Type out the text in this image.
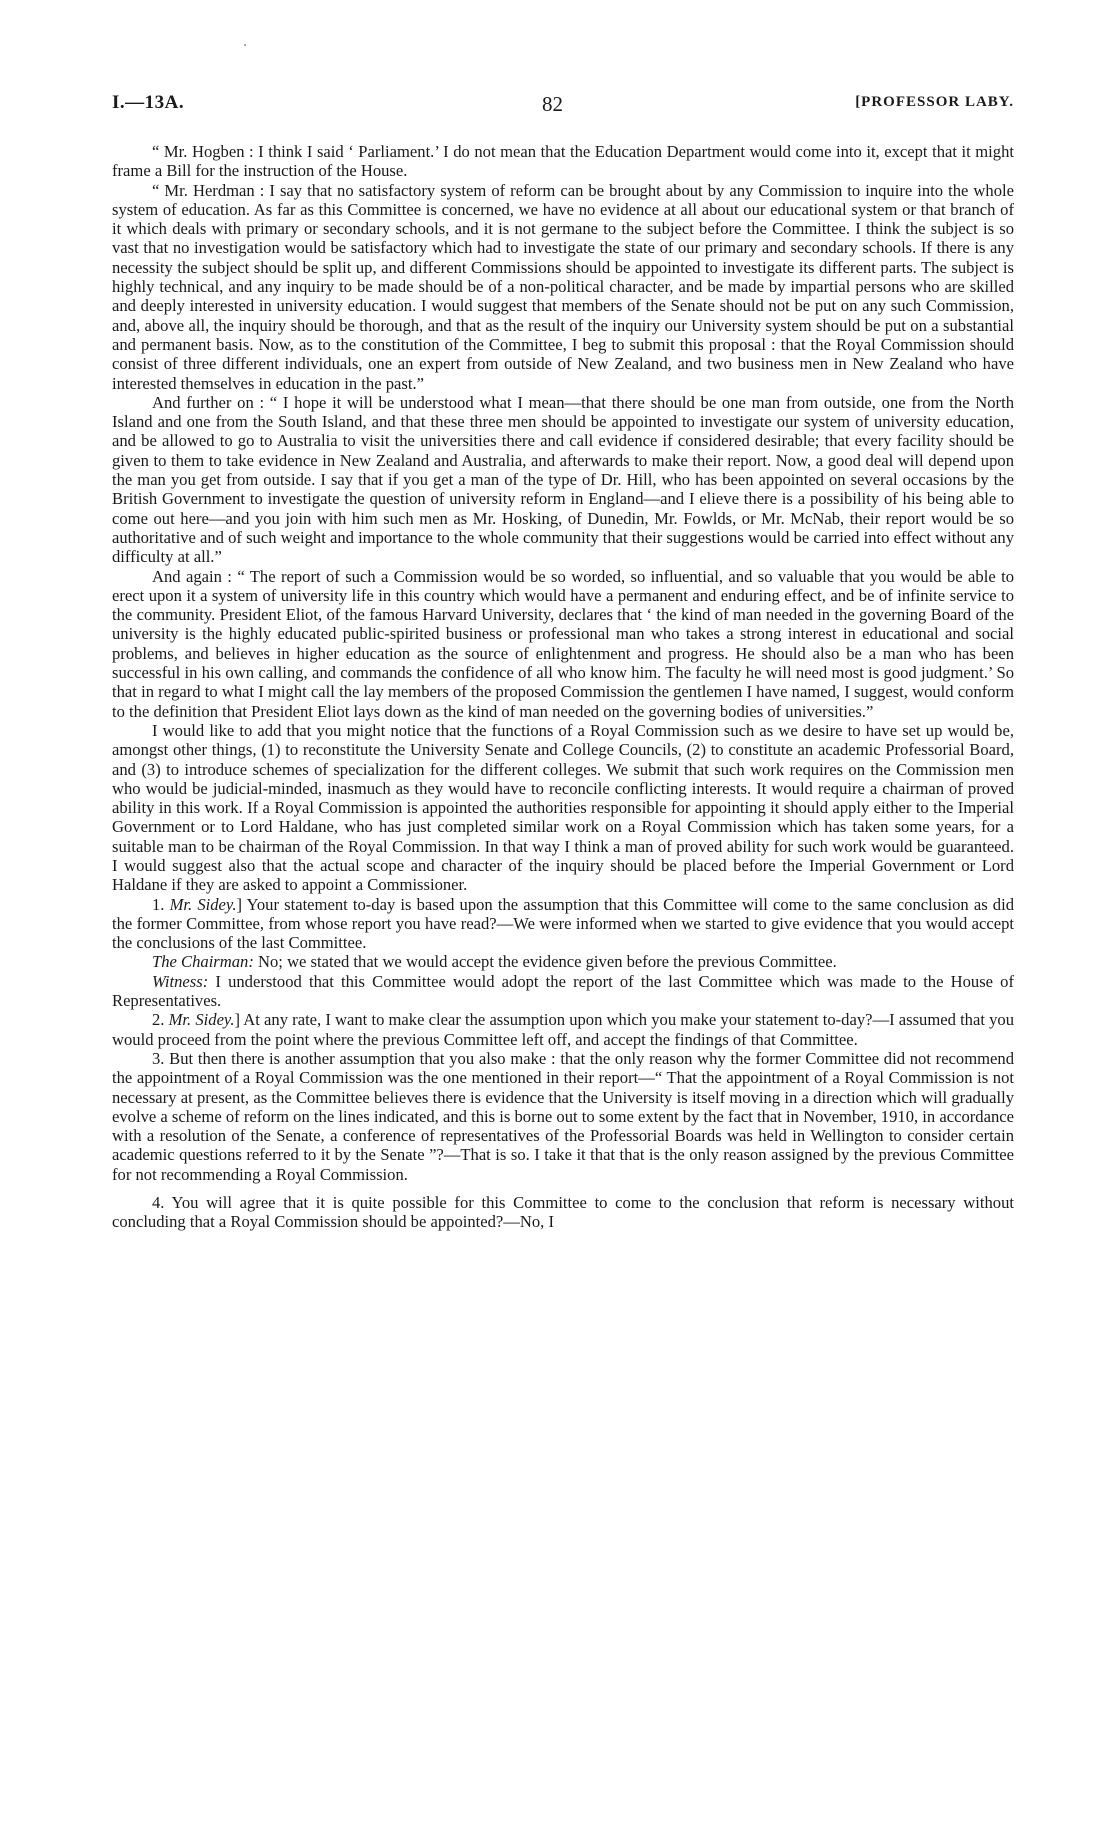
I.—13A.	82	[PROFESSOR LABY.

“ Mr. Hogben : I think I said ‘ Parliament.’ I do not mean that the Education Department would come into it, except that it might frame a Bill for the instruction of the House.

“ Mr. Herdman : I say that no satisfactory system of reform can be brought about by any Commission to inquire into the whole system of education. As far as this Committee is concerned, we have no evidence at all about our educational system or that branch of it which deals with primary or secondary schools, and it is not germane to the subject before the Committee. I think the subject is so vast that no investigation would be satisfactory which had to investigate the state of our primary and secondary schools. If there is any necessity the subject should be split up, and different Commissions should be appointed to investigate its different parts. The subject is highly technical, and any inquiry to be made should be of a non-political character, and be made by impartial persons who are skilled and deeply interested in university education. I would suggest that members of the Senate should not be put on any such Commission, and, above all, the inquiry should be thorough, and that as the result of the inquiry our University system should be put on a substantial and permanent basis. Now, as to the constitution of the Committee, I beg to submit this proposal : that the Royal Commission should consist of three different individuals, one an expert from outside of New Zealand, and two business men in New Zealand who have interested themselves in education in the past.”

And further on : “ I hope it will be understood what I mean—that there should be one man from outside, one from the North Island and one from the South Island, and that these three men should be appointed to investigate our system of university education, and be allowed to go to Australia to visit the universities there and call evidence if considered desirable; that every facility should be given to them to take evidence in New Zealand and Australia, and afterwards to make their report. Now, a good deal will depend upon the man you get from outside. I say that if you get a man of the type of Dr. Hill, who has been appointed on several occasions by the British Government to investigate the question of university reform in England—and I elieve there is a possibility of his being able to come out here—and you join with him such men as Mr. Hosking, of Dunedin, Mr. Fowlds, or Mr. McNab, their report would be so authoritative and of such weight and importance to the whole community that their suggestions would be carried into effect without any difficulty at all.”

And again : “ The report of such a Commission would be so worded, so influential, and so valuable that you would be able to erect upon it a system of university life in this country which would have a permanent and enduring effect, and be of infinite service to the community. President Eliot, of the famous Harvard University, declares that ‘ the kind of man needed in the governing Board of the university is the highly educated public-spirited business or professional man who takes a strong interest in educational and social problems, and believes in higher education as the source of enlightenment and progress. He should also be a man who has been successful in his own calling, and commands the confidence of all who know him. The faculty he will need most is good judgment.’ So that in regard to what I might call the lay members of the proposed Commission the gentlemen I have named, I suggest, would conform to the definition that President Eliot lays down as the kind of man needed on the governing bodies of universities.”

I would like to add that you might notice that the functions of a Royal Commission such as we desire to have set up would be, amongst other things, (1) to reconstitute the University Senate and College Councils, (2) to constitute an academic Professorial Board, and (3) to introduce schemes of specialization for the different colleges. We submit that such work requires on the Commission men who would be judicial-minded, inasmuch as they would have to reconcile conflicting interests. It would require a chairman of proved ability in this work. If a Royal Commission is appointed the authorities responsible for appointing it should apply either to the Imperial Government or to Lord Haldane, who has just completed similar work on a Royal Commission which has taken some years, for a suitable man to be chairman of the Royal Commission. In that way I think a man of proved ability for such work would be guaranteed. I would suggest also that the actual scope and character of the inquiry should be placed before the Imperial Government or Lord Haldane if they are asked to appoint a Commissioner.

1. Mr. Sidey.] Your statement to-day is based upon the assumption that this Committee will come to the same conclusion as did the former Committee, from whose report you have read?—We were informed when we started to give evidence that you would accept the conclusions of the last Committee.

The Chairman: No; we stated that we would accept the evidence given before the previous Committee.

Witness: I understood that this Committee would adopt the report of the last Committee which was made to the House of Representatives.

2. Mr. Sidey.] At any rate, I want to make clear the assumption upon which you make your statement to-day?—I assumed that you would proceed from the point where the previous Committee left off, and accept the findings of that Committee.

3. But then there is another assumption that you also make : that the only reason why the former Committee did not recommend the appointment of a Royal Commission was the one mentioned in their report—“ That the appointment of a Royal Commission is not necessary at present, as the Committee believes there is evidence that the University is itself moving in a direction which will gradually evolve a scheme of reform on the lines indicated, and this is borne out to some extent by the fact that in November, 1910, in accordance with a resolution of the Senate, a conference of representatives of the Professorial Boards was held in Wellington to consider certain academic questions referred to it by the Senate ”?—That is so. I take it that that is the only reason assigned by the previous Committee for not recommending a Royal Commission.

4. You will agree that it is quite possible for this Committee to come to the conclusion that reform is necessary without concluding that a Royal Commission should be appointed?—No, I
